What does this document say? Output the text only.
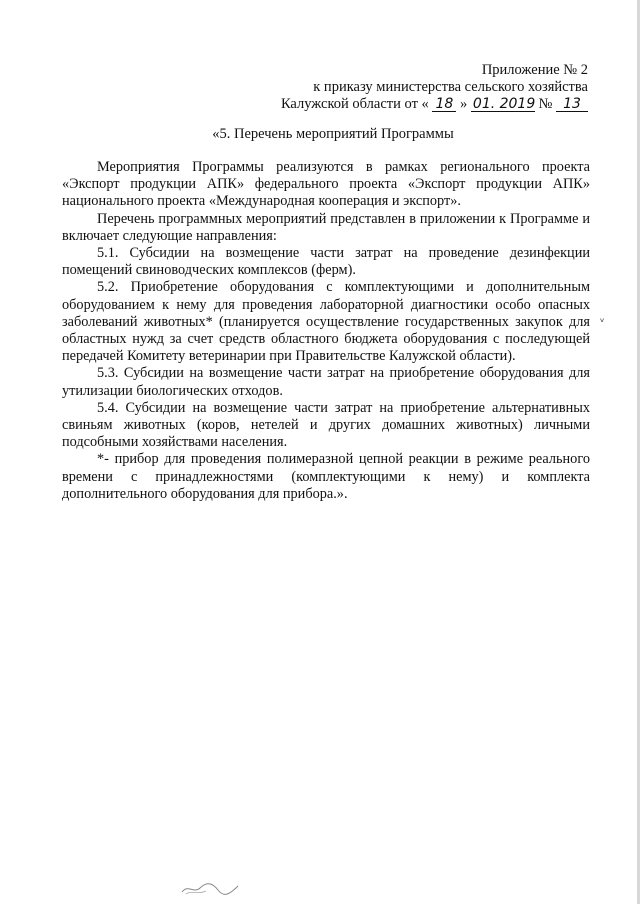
Приложение № 2
к приказу министерства сельского хозяйства
Калужской области от « 18 » 01. 2019 № 13
«5. Перечень мероприятий Программы

Мероприятия Программы реализуются в рамках регионального проекта «Экспорт продукции АПК» федерального проекта «Экспорт продукции АПК» национального проекта «Международная кооперация и экспорт».

Перечень программных мероприятий представлен в приложении к Программе и включает следующие направления:

5.1. Субсидии на возмещение части затрат на проведение дезинфекции помещений свиноводческих комплексов (ферм).

5.2. Приобретение оборудования с комплектующими и дополнительным оборудованием к нему для проведения лабораторной диагностики особо опасных заболеваний животных* (планируется осуществление государственных закупок для областных нужд за счет средств областного бюджета оборудования с последующей передачей Комитету ветеринарии при Правительстве Калужской области).

5.3. Субсидии на возмещение части затрат на приобретение оборудования для утилизации биологических отходов.

5.4. Субсидии на возмещение части затрат на приобретение альтернативных свиньям животных (коров, нетелей и других домашних животных) личными подсобными хозяйствами населения.

*- прибор для проведения полимеразной цепной реакции в режиме реального времени с принадлежностями (комплектующими к нему) и комплекта дополнительного оборудования для прибора.».

ᵥ
